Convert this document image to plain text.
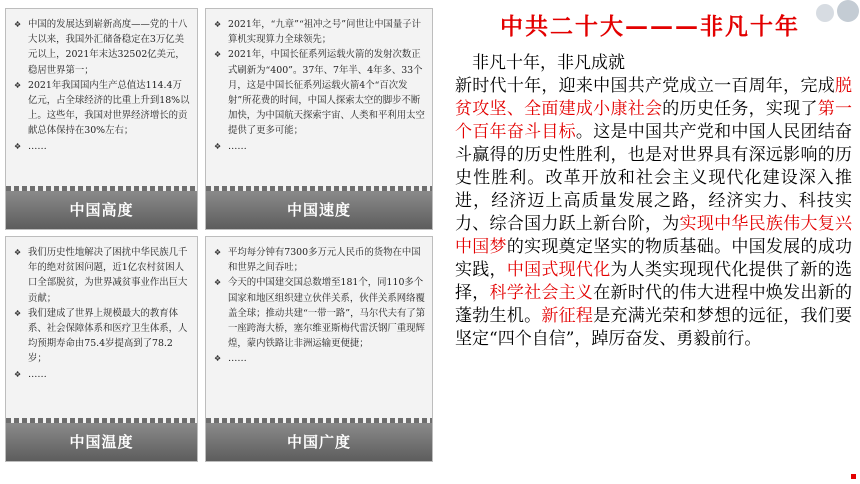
❖ 中国的发展达到崭新高度——党的十八大以来，我国外汇储备稳定在3万亿美元以上，2021年末达32502亿美元，稳居世界第一；
❖ 2021年我国国内生产总值达114.4万亿元，占全球经济的比重上升到18%以上。这些年，我国对世界经济增长的贡献总体保持在30%左右；
❖ ……
中国高度
❖ 2021年，“九章”“祖冲之号”问世让中国量子计算机实现算力全球领先；
❖ 2021年，中国长征系列运载火箭的发射次数正式刷新为“400”。37年、7年半、4年多、33个月，这是中国长征系列运载火箭4个“百次发射”所花费的时间，中国人探索太空的脚步不断加快，为中国航天探索宇宙、人类和平利用太空提供了更多可能；
❖ ……
中国速度
❖ 我们历史性地解决了困扰中华民族几千年的绝对贫困问题，近1亿农村贫困人口全部脱贫，为世界减贫事业作出巨大贡献；
❖ 我们建成了世界上规模最大的教育体系、社会保障体系和医疗卫生体系，人均预期寿命由75.4岁提高到了78.2岁；
❖ ……
中国温度
❖ 平均每分钟有7300多万元人民币的货物在中国和世界之间吞吐；
❖ 今天的中国建交国总数增至181个，同110多个国家和地区组织建立伙伴关系，伙伴关系网络覆盖全球；推动共建“一带一路”，马尔代夫有了第一座跨海大桥，塞尔维亚斯梅代雷沃钢厂重现辉煌，蒙内铁路让非洲运输更便捷；
❖ ……
中国广度
中共二十大———非凡十年
　非凡十年，非凡成就
新时代十年，迎来中国共产党成立一百周年，完成脱贫攻坚、全面建成小康社会的历史任务，实现了第一个百年奋斗目标。这是中国共产党和中国人民团结奋斗赢得的历史性胜利，也是对世界具有深远影响的历史性胜利。改革开放和社会主义现代化建设深入推进，经济迈上高质量发展之路，经济实力、科技实力、综合国力跃上新台阶，为实现中华民族伟大复兴中国梦的实现奠定坚实的物质基础。中国发展的成功实践，中国式现代化为人类实现现代化提供了新的选择，科学社会主义在新时代的伟大进程中焕发出新的蓬勃生机。新征程是充满光荣和梦想的远征，我们要坚定“四个自信”，踔厉奋发、勇毅前行。
